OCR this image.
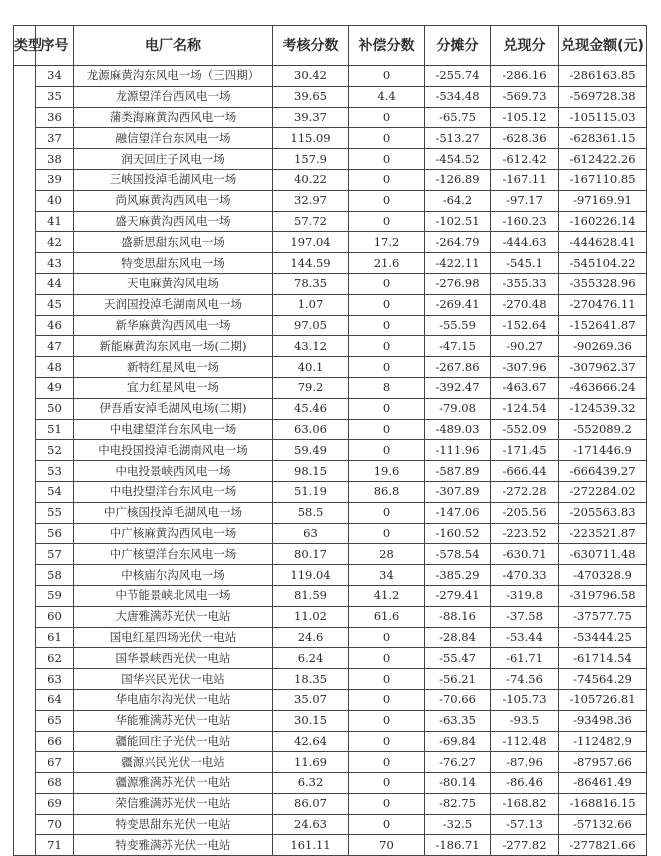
类型	序号	电厂名称	考核分数	补偿分数	分摊分	兑现分	兑现金额(元)
	34	龙源麻黄沟东风电一场（三四期）	30.42	0	-255.74	-286.16	-286163.85
	35	龙源望洋台西风电一场	39.65	4.4	-534.48	-569.73	-569728.38
	36	蒲类海麻黄沟西风电一场	39.37	0	-65.75	-105.12	-105115.03
	37	融信望洋台东风电一场	115.09	0	-513.27	-628.36	-628361.15
	38	润天回庄子风电一场	157.9	0	-454.52	-612.42	-612422.26
	39	三峡国投淖毛湖风电一场	40.22	0	-126.89	-167.11	-167110.85
	40	尚风麻黄沟西风电一场	32.97	0	-64.2	-97.17	-97169.91
	41	盛天麻黄沟西风电一场	57.72	0	-102.51	-160.23	-160226.14
	42	盛新思甜东风电一场	197.04	17.2	-264.79	-444.63	-444628.41
	43	特变思甜东风电一场	144.59	21.6	-422.11	-545.1	-545104.22
	44	天电麻黄沟风电场	78.35	0	-276.98	-355.33	-355328.96
	45	天润国投淖毛湖南风电一场	1.07	0	-269.41	-270.48	-270476.11
	46	新华麻黄沟西风电一场	97.05	0	-55.59	-152.64	-152641.87
	47	新能麻黄沟东风电一场(二期)	43.12	0	-47.15	-90.27	-90269.36
	48	新特红星风电一场	40.1	0	-267.86	-307.96	-307962.37
	49	宜力红星风电一场	79.2	8	-392.47	-463.67	-463666.24
	50	伊吾盾安淖毛湖风电场(二期)	45.46	0	-79.08	-124.54	-124539.32
	51	中电建望洋台东风电一场	63.06	0	-489.03	-552.09	-552089.2
	52	中电投国投淖毛湖南风电一场	59.49	0	-111.96	-171.45	-171446.9
	53	中电投景峡西风电一场	98.15	19.6	-587.89	-666.44	-666439.27
	54	中电投望洋台东风电一场	51.19	86.8	-307.89	-272.28	-272284.02
	55	中广核国投淖毛湖风电一场	58.5	0	-147.06	-205.56	-205563.83
	56	中广核麻黄沟西风电一场	63	0	-160.52	-223.52	-223521.87
	57	中广核望洋台东风电一场	80.17	28	-578.54	-630.71	-630711.48
	58	中核庙尔沟风电一场	119.04	34	-385.29	-470.33	-470328.9
	59	中节能景峡北风电一场	81.59	41.2	-279.41	-319.8	-319796.58
	60	大唐雅满苏光伏一电站	11.02	61.6	-88.16	-37.58	-37577.75
	61	国电红星四场光伏一电站	24.6	0	-28.84	-53.44	-53444.25
	62	国华景峡西光伏一电站	6.24	0	-55.47	-61.71	-61714.54
	63	国华兴民光伏一电站	18.35	0	-56.21	-74.56	-74564.29
	64	华电庙尔沟光伏一电站	35.07	0	-70.66	-105.73	-105726.81
	65	华能雅满苏光伏一电站	30.15	0	-63.35	-93.5	-93498.36
	66	疆能回庄子光伏一电站	42.64	0	-69.84	-112.48	-112482.9
	67	疆源兴民光伏一电站	11.69	0	-76.27	-87.96	-87957.66
	68	疆源雅满苏光伏一电站	6.32	0	-80.14	-86.46	-86461.49
	69	荣信雅满苏光伏一电站	86.07	0	-82.75	-168.82	-168816.15
	70	特变思甜东光伏一电站	24.63	0	-32.5	-57.13	-57132.66
	71	特变雅满苏光伏一电站	161.11	70	-186.71	-277.82	-277821.66
